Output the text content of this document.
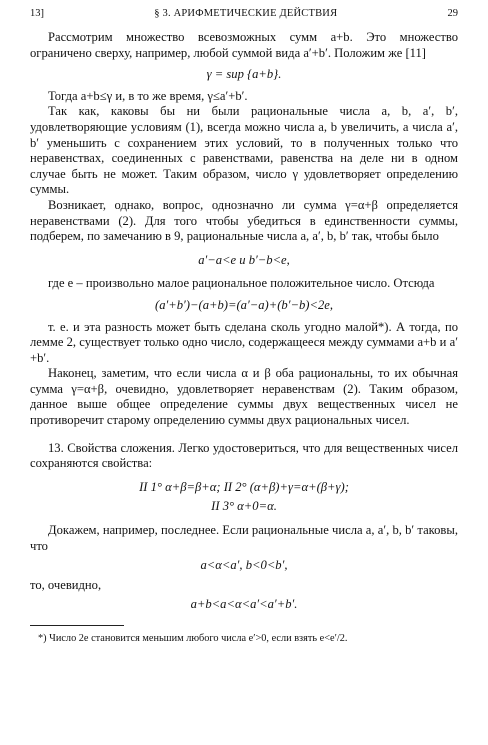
13]	§ 3. АРИФМЕТИЧЕСКИЕ ДЕЙСТВИЯ	29

Рассмотрим множество всевозможных сумм a+b. Это множество ограничено сверху, например, любой суммой вида a′+b′. Положим же [11]

γ = sup {a+b}.

Тогда a+b≤γ и, в то же время, γ≤a′+b′.

Так как, каковы бы ни были рациональные числа a, b, a′, b′, удовлетворяющие условиям (1), всегда можно числа a, b увеличить, а числа a′, b′ уменьшить с сохранением этих условий, то в полученных только что неравенствах, соединенных с равенствами, равенства на деле ни в одном случае быть не может. Таким образом, число γ удовлетворяет определению суммы.

Возникает, однако, вопрос, однозначно ли сумма γ=α+β определяется неравенствами (2). Для того чтобы убедиться в единственности суммы, подберем, по замечанию в 9, рациональные числа a, a′, b, b′ так, чтобы было

a′−a<e и b′−b<e,

где e – произвольно малое рациональное положительное число. Отсюда

(a′+b′)−(a+b)=(a′−a)+(b′−b)<2e,

т. е. и эта разность может быть сделана сколь угодно малой*). А тогда, по лемме 2, существует только одно число, содержащееся между суммами a+b и a′+b′.

Наконец, заметим, что если числа α и β оба рациональны, то их обычная сумма γ=α+β, очевидно, удовлетворяет неравенствам (2). Таким образом, данное выше общее определение суммы двух вещественных чисел не противоречит старому определению суммы двух рациональных чисел.

13. Свойства сложения. Легко удостовериться, что для вещественных чисел сохраняются свойства:

II 1° α+β=β+α; II 2° (α+β)+γ=α+(β+γ);

II 3° α+0=α.

Докажем, например, последнее. Если рациональные числа a, a′, b, b′ таковы, что

a<α<a′, b<0<b′,

то, очевидно,

a+b<a<α<a′<a′+b′.

*) Число 2e становится меньшим любого числа e′>0, если взять e<e′/2.
